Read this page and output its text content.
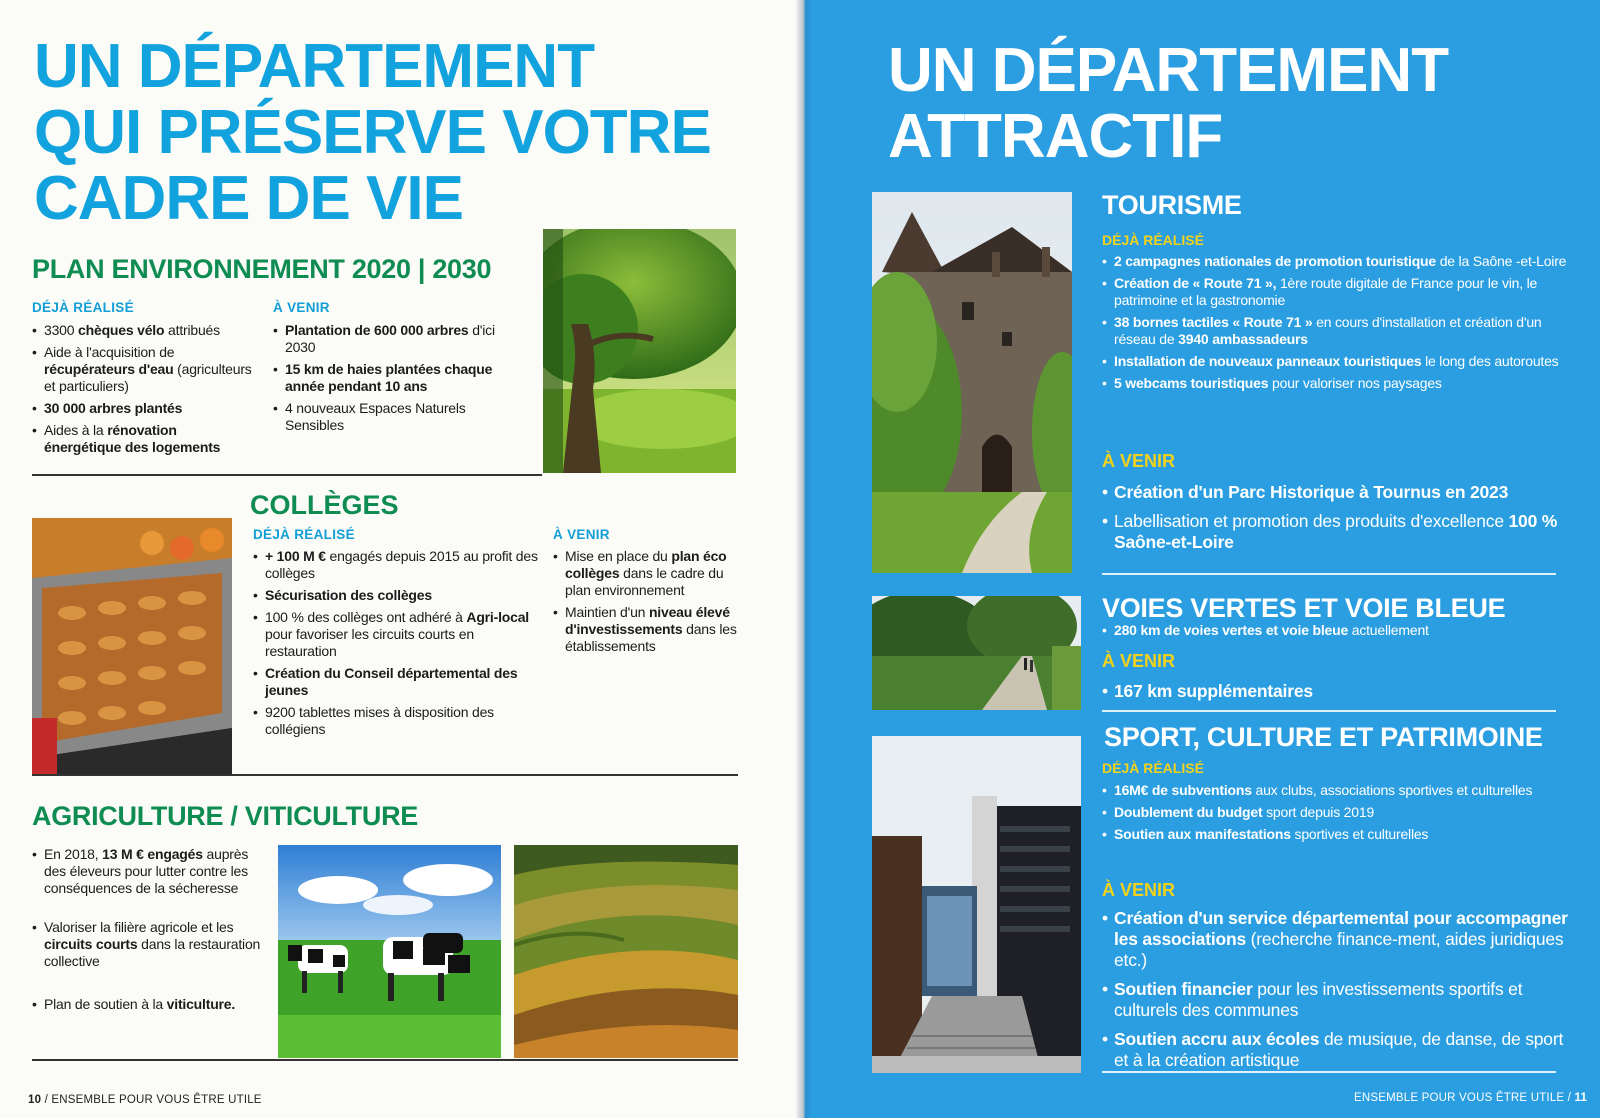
UN DÉPARTEMENT
QUI PRÉSERVE VOTRE
CADRE DE VIE
PLAN ENVIRONNEMENT 2020 | 2030
DÉJÀ RÉALISÉ	À VENIR
• 3300 chèques vélo attribués
• Aide à l'acquisition de récupérateurs d'eau (agriculteurs et particuliers)
• 30 000 arbres plantés
• Aides à la rénovation énergétique des logements
• Plantation de 600 000 arbres d'ici 2030
• 15 km de haies plantées chaque année pendant 10 ans
• 4 nouveaux Espaces Naturels Sensibles
COLLÈGES
DÉJÀ RÉALISÉ	À VENIR
• + 100 M € engagés depuis 2015 au profit des collèges
• Sécurisation des collèges
• 100 % des collèges ont adhéré à Agri-local pour favoriser les circuits courts en restauration
• Création du Conseil départemental des jeunes
• 9200 tablettes mises à disposition des collégiens
• Mise en place du plan éco collèges dans le cadre du plan environnement
• Maintien d'un niveau élevé d'investissements dans les établissements
AGRICULTURE / VITICULTURE
• En 2018, 13 M € engagés auprès des éleveurs pour lutter contre les conséquences de la sécheresse
• Valoriser la filière agricole et les circuits courts dans la restauration collective
• Plan de soutien à la viticulture.
10 / ENSEMBLE POUR VOUS ÊTRE UTILE
UN DÉPARTEMENT
ATTRACTIF
TOURISME
DÉJÀ RÉALISÉ
• 2 campagnes nationales de promotion touristique de la Saône -et-Loire
• Création de « Route 71 », 1ère route digitale de France pour le vin, le patrimoine et la gastronomie
• 38 bornes tactiles « Route 71 » en cours d'installation et création d'un réseau de 3940 ambassadeurs
• Installation de nouveaux panneaux touristiques le long des autoroutes
• 5 webcams touristiques pour valoriser nos paysages
À VENIR
• Création d'un Parc Historique à Tournus en 2023
• Labellisation et promotion des produits d'excellence 100 % Saône-et-Loire
VOIES VERTES ET VOIE BLEUE
• 280 km de voies vertes et voie bleue actuellement
À VENIR
• 167 km supplémentaires
SPORT, CULTURE ET PATRIMOINE
DÉJÀ RÉALISÉ
• 16M€ de subventions aux clubs, associations sportives et culturelles
• Doublement du budget sport depuis 2019
• Soutien aux manifestations sportives et culturelles
À VENIR
• Création d'un service départemental pour accompagner les associations (recherche finance-ment, aides juridiques etc.)
• Soutien financier pour les investissements sportifs et culturels des communes
• Soutien accru aux écoles de musique, de danse, de sport et à la création artistique
ENSEMBLE POUR VOUS ÊTRE UTILE / 11
